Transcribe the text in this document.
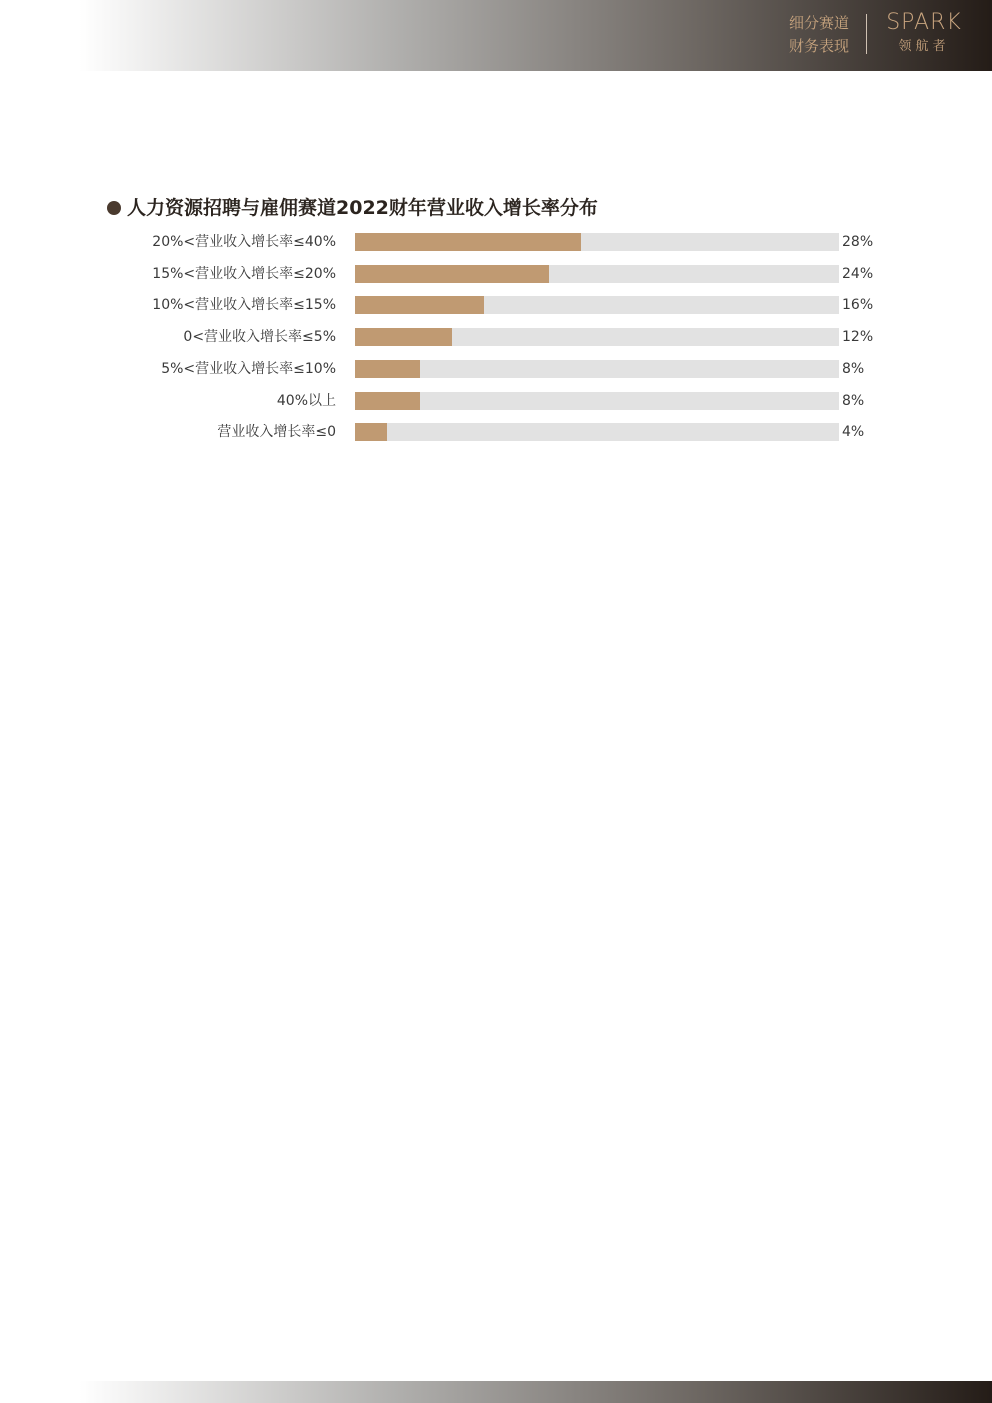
细分赛道
财务表现
SPARK
领航者
人力资源招聘与雇佣赛道2022财年营业收入增长率分布
20%<营业收入增长率≤40%	28%
15%<营业收入增长率≤20%	24%
10%<营业收入增长率≤15%	16%
0<营业收入增长率≤5%	12%
5%<营业收入增长率≤10%	8%
40%以上	8%
营业收入增长率≤0	4%
